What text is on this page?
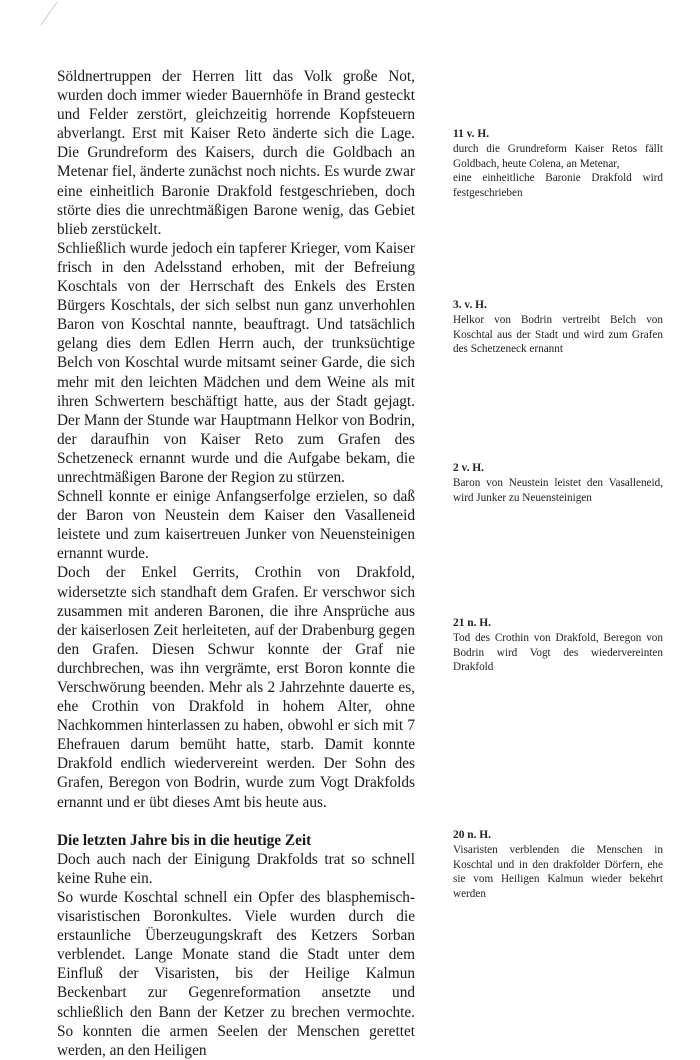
Söldnertruppen der Herren litt das Volk große Not, wurden doch immer wieder Bauernhöfe in Brand gesteckt und Felder zerstört, gleichzeitig horrende Kopfsteuern abverlangt. Erst mit Kaiser Reto änderte sich die Lage. Die Grundreform des Kaisers, durch die Goldbach an Metenar fiel, änderte zunächst noch nichts. Es wurde zwar eine einheitlich Baronie Drakfold festgeschrieben, doch störte dies die unrechtmäßigen Barone wenig, das Gebiet blieb zerstückelt.

Schließlich wurde jedoch ein tapferer Krieger, vom Kaiser frisch in den Adelsstand erhoben, mit der Befreiung Koschtals von der Herrschaft des Enkels des Ersten Bürgers Koschtals, der sich selbst nun ganz unverhohlen Baron von Koschtal nannte, beauftragt. Und tatsächlich gelang dies dem Edlen Herrn auch, der trunksüchtige Belch von Koschtal wurde mitsamt seiner Garde, die sich mehr mit den leichten Mädchen und dem Weine als mit ihren Schwertern beschäftigt hatte, aus der Stadt gejagt. Der Mann der Stunde war Hauptmann Helkor von Bodrin, der daraufhin von Kaiser Reto zum Grafen des Schetzeneck ernannt wurde und die Aufgabe bekam, die unrechtmäßigen Barone der Region zu stürzen.

Schnell konnte er einige Anfangserfolge erzielen, so daß der Baron von Neustein dem Kaiser den Vasalleneid leistete und zum kaisertreuen Junker von Neuensteinigen ernannt wurde.

Doch der Enkel Gerrits, Crothin von Drakfold, widersetzte sich standhaft dem Grafen. Er verschwor sich zusammen mit anderen Baronen, die ihre Ansprüche aus der kaiserlosen Zeit herleiteten, auf der Drabenburg gegen den Grafen. Diesen Schwur konnte der Graf nie durchbrechen, was ihn vergrämte, erst Boron konnte die Verschwörung beenden. Mehr als 2 Jahrzehnte dauerte es, ehe Crothin von Drakfold in hohem Alter, ohne Nachkommen hinterlassen zu haben, obwohl er sich mit 7 Ehefrauen darum bemüht hatte, starb. Damit konnte Drakfold endlich wiedervereint werden. Der Sohn des Grafen, Beregon von Bodrin, wurde zum Vogt Drakfolds ernannt und er übt dieses Amt bis heute aus.

Die letzten Jahre bis in die heutige Zeit

Doch auch nach der Einigung Drakfolds trat so schnell keine Ruhe ein.

So wurde Koschtal schnell ein Opfer des blasphemisch-visaristischen Boronkultes. Viele wurden durch die erstaunliche Überzeugungskraft des Ketzers Sorban verblendet. Lange Monate stand die Stadt unter dem Einfluß der Visaristen, bis der Heilige Kalmun Beckenbart zur Gegenreformation ansetzte und schließlich den Bann der Ketzer zu brechen vermochte. So konnten die armen Seelen der Menschen gerettet werden, an den Heiligen

11 v. H.
durch die Grundreform Kaiser Retos fällt Goldbach, heute Colena, an Metenar,
eine einheitliche Baronie Drakfold wird festgeschrieben
3. v. H.
Helkor von Bodrin vertreibt Belch von Koschtal aus der Stadt und wird zum Grafen des Schetzeneck ernannt
2 v. H.
Baron von Neustein leistet den Vasalleneid, wird Junker zu Neuensteinigen
21 n. H.
Tod des Crothin von Drakfold, Beregon von Bodrin wird Vogt des wiedervereinten Drakfold
20 n. H.
Visaristen verblenden die Menschen in Koschtal und in den drakfolder Dörfern, ehe sie vom Heiligen Kalmun wieder bekehrt werden
